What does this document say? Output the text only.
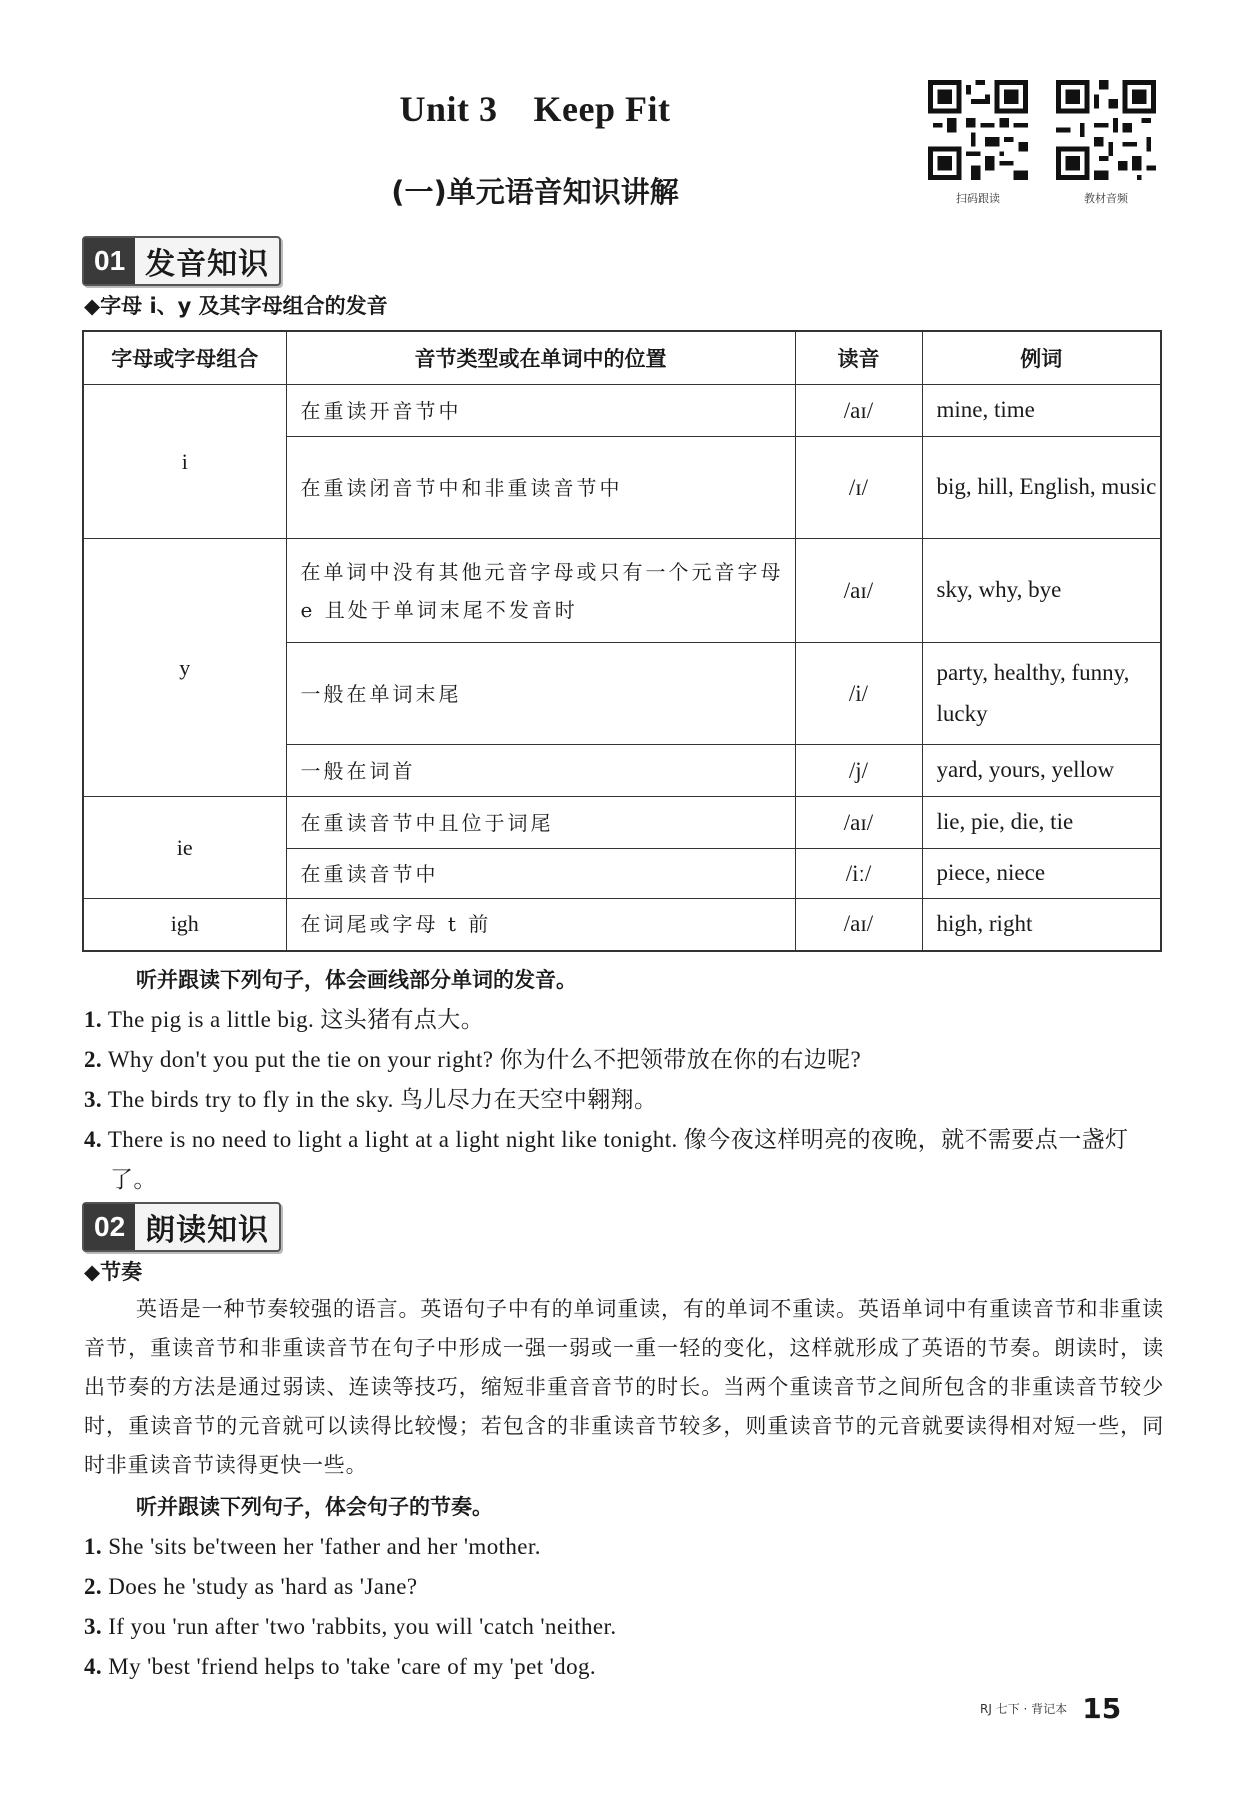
Unit 3 Keep Fit
(一)单元语音知识讲解	扫码跟读	教材音频
01 发音知识
◆字母 i、y 及其字母组合的发音
字母或字母组合	音节类型或在单词中的位置	读音	例词
i	在重读开音节中	/aɪ/	mine, time
	在重读闭音节中和非重读音节中	/ɪ/	big, hill, English, music
y	在单词中没有其他元音字母或只有一个元音字母 e 且处于单词末尾不发音时	/aɪ/	sky, why, bye
	一般在单词末尾	/i/	party, healthy, funny, lucky
	一般在词首	/j/	yard, yours, yellow
ie	在重读音节中且位于词尾	/aɪ/	lie, pie, die, tie
	在重读音节中	/iː/	piece, niece
igh	在词尾或字母 t 前	/aɪ/	high, right
听并跟读下列句子，体会画线部分单词的发音。
1. The pig is a little big. 这头猪有点大。
2. Why don't you put the tie on your right? 你为什么不把领带放在你的右边呢?
3. The birds try to fly in the sky. 鸟儿尽力在天空中翱翔。
4. There is no need to light a light at a light night like tonight. 像今夜这样明亮的夜晚，就不需要点一盏灯了。
02 朗读知识
◆节奏
英语是一种节奏较强的语言。英语句子中有的单词重读，有的单词不重读。英语单词中有重读音节和非重读音节，重读音节和非重读音节在句子中形成一强一弱或一重一轻的变化，这样就形成了英语的节奏。朗读时，读出节奏的方法是通过弱读、连读等技巧，缩短非重音音节的时长。当两个重读音节之间所包含的非重读音节较少时，重读音节的元音就可以读得比较慢；若包含的非重读音节较多，则重读音节的元音就要读得相对短一些，同时非重读音节读得更快一些。
听并跟读下列句子，体会句子的节奏。
1. She 'sits be'tween her 'father and her 'mother.
2. Does he 'study as 'hard as 'Jane?
3. If you 'run after 'two 'rabbits, you will 'catch 'neither.
4. My 'best 'friend helps to 'take 'care of my 'pet 'dog.
RJ 七下 · 背记本 15
